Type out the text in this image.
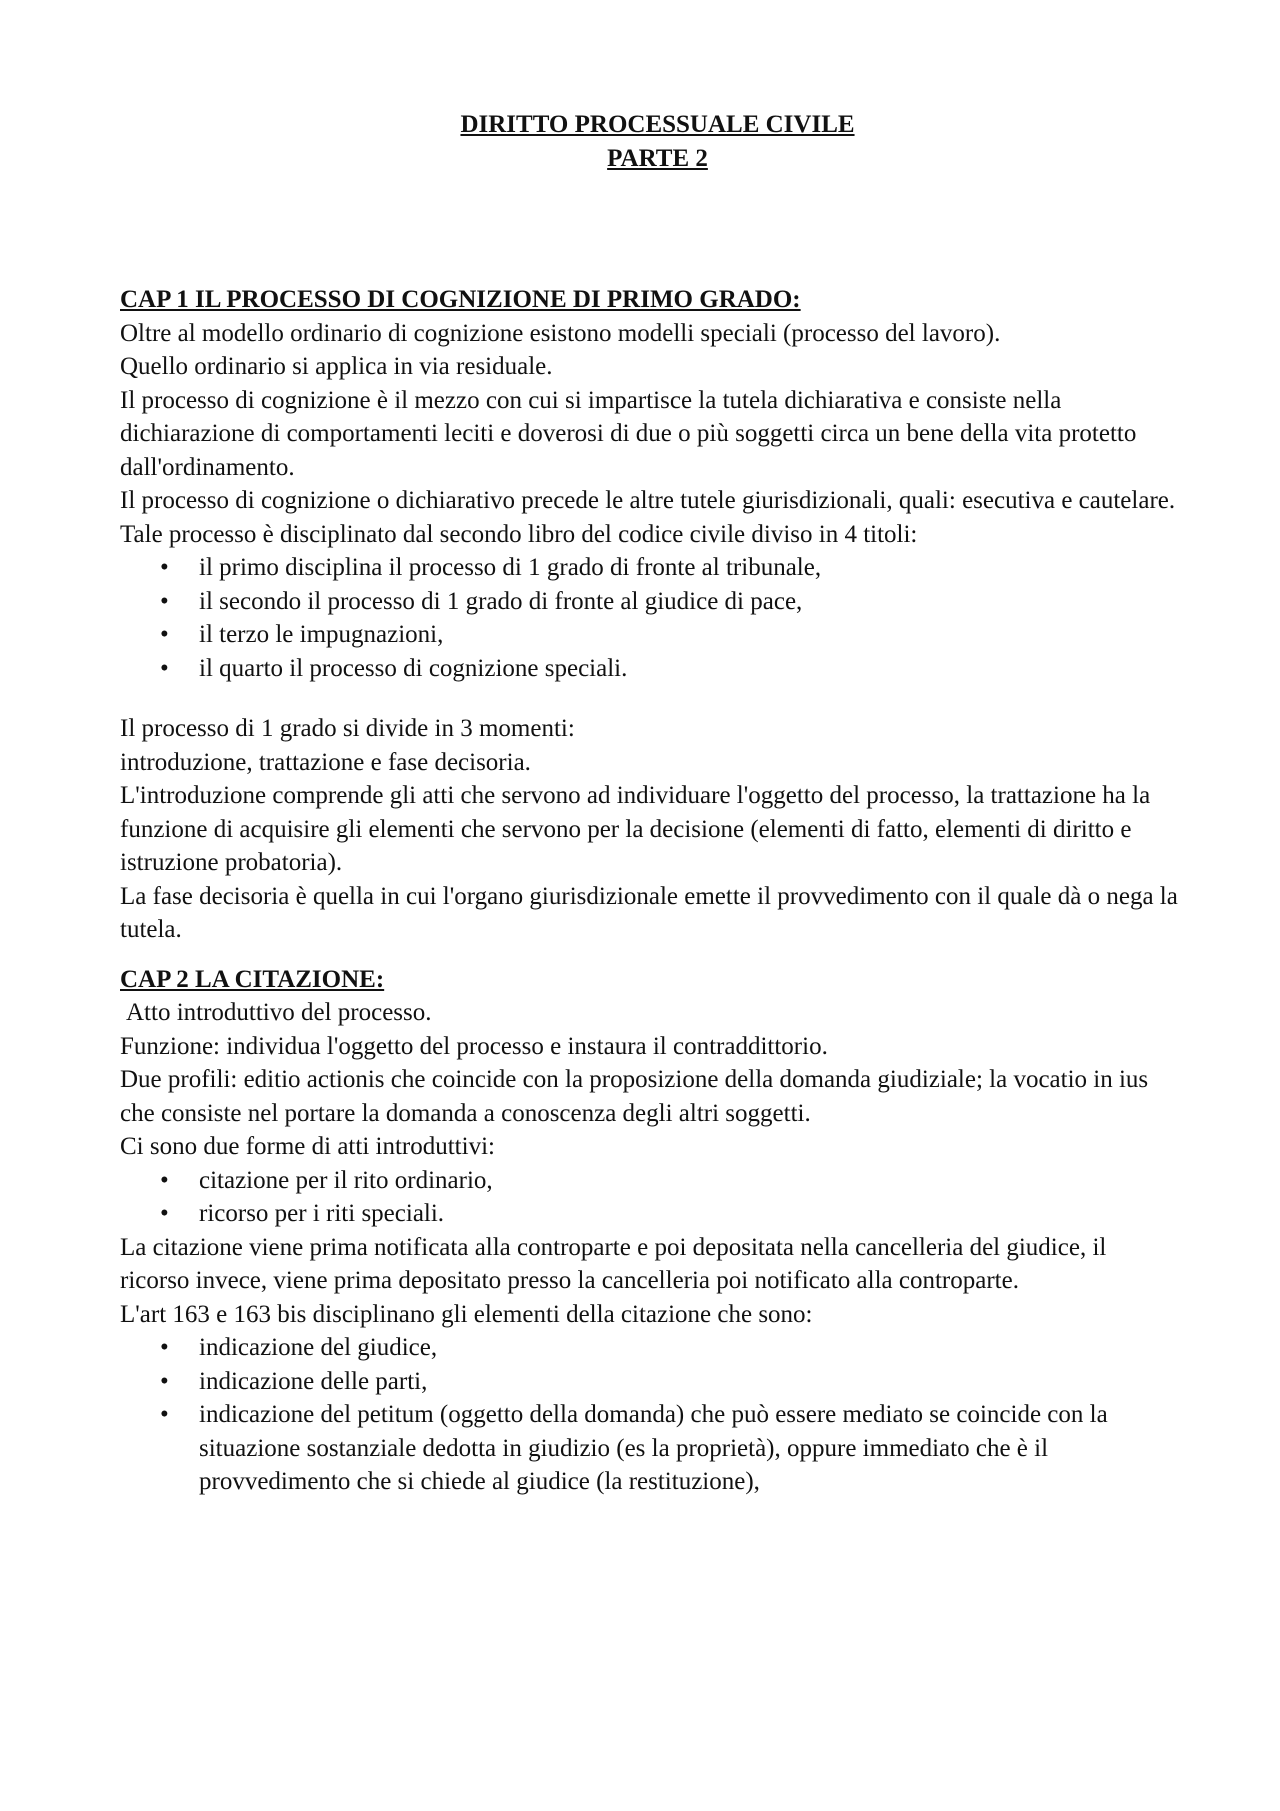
DIRITTO PROCESSUALE CIVILE
PARTE 2
CAP 1 IL PROCESSO DI COGNIZIONE DI PRIMO GRADO:

Oltre al modello ordinario di cognizione esistono modelli speciali (processo del lavoro).

Quello ordinario si applica in via residuale.

Il processo di cognizione è il mezzo con cui si impartisce la tutela dichiarativa e consiste nella dichiarazione di comportamenti leciti e doverosi di due o più soggetti circa un bene della vita protetto dall'ordinamento.

Il processo di cognizione o dichiarativo precede le altre tutele giurisdizionali, quali: esecutiva e cautelare.

Tale processo è disciplinato dal secondo libro del codice civile diviso in 4 titoli:

• il primo disciplina il processo di 1 grado di fronte al tribunale,
• il secondo il processo di 1 grado di fronte al giudice di pace,
• il terzo le impugnazioni,
• il quarto il processo di cognizione speciali.

Il processo di 1 grado si divide in 3 momenti:

introduzione, trattazione e fase decisoria.

L'introduzione comprende gli atti che servono ad individuare l'oggetto del processo, la trattazione ha la funzione di acquisire gli elementi che servono per la decisione (elementi di fatto, elementi di diritto e istruzione probatoria).

La fase decisoria è quella in cui l'organo giurisdizionale emette il provvedimento con il quale dà o nega la tutela.

CAP 2 LA CITAZIONE:

Atto introduttivo del processo.

Funzione: individua l'oggetto del processo e instaura il contraddittorio.

Due profili: editio actionis che coincide con la proposizione della domanda giudiziale; la vocatio in ius che consiste nel portare la domanda a conoscenza degli altri soggetti.

Ci sono due forme di atti introduttivi:

• citazione per il rito ordinario,
• ricorso per i riti speciali.

La citazione viene prima notificata alla controparte e poi depositata nella cancelleria del giudice, il ricorso invece, viene prima depositato presso la cancelleria poi notificato alla controparte.

L'art 163 e 163 bis disciplinano gli elementi della citazione che sono:

• indicazione del giudice,
• indicazione delle parti,
• indicazione del petitum (oggetto della domanda) che può essere mediato se coincide con la situazione sostanziale dedotta in giudizio (es la proprietà), oppure immediato che è il provvedimento che si chiede al giudice (la restituzione),
